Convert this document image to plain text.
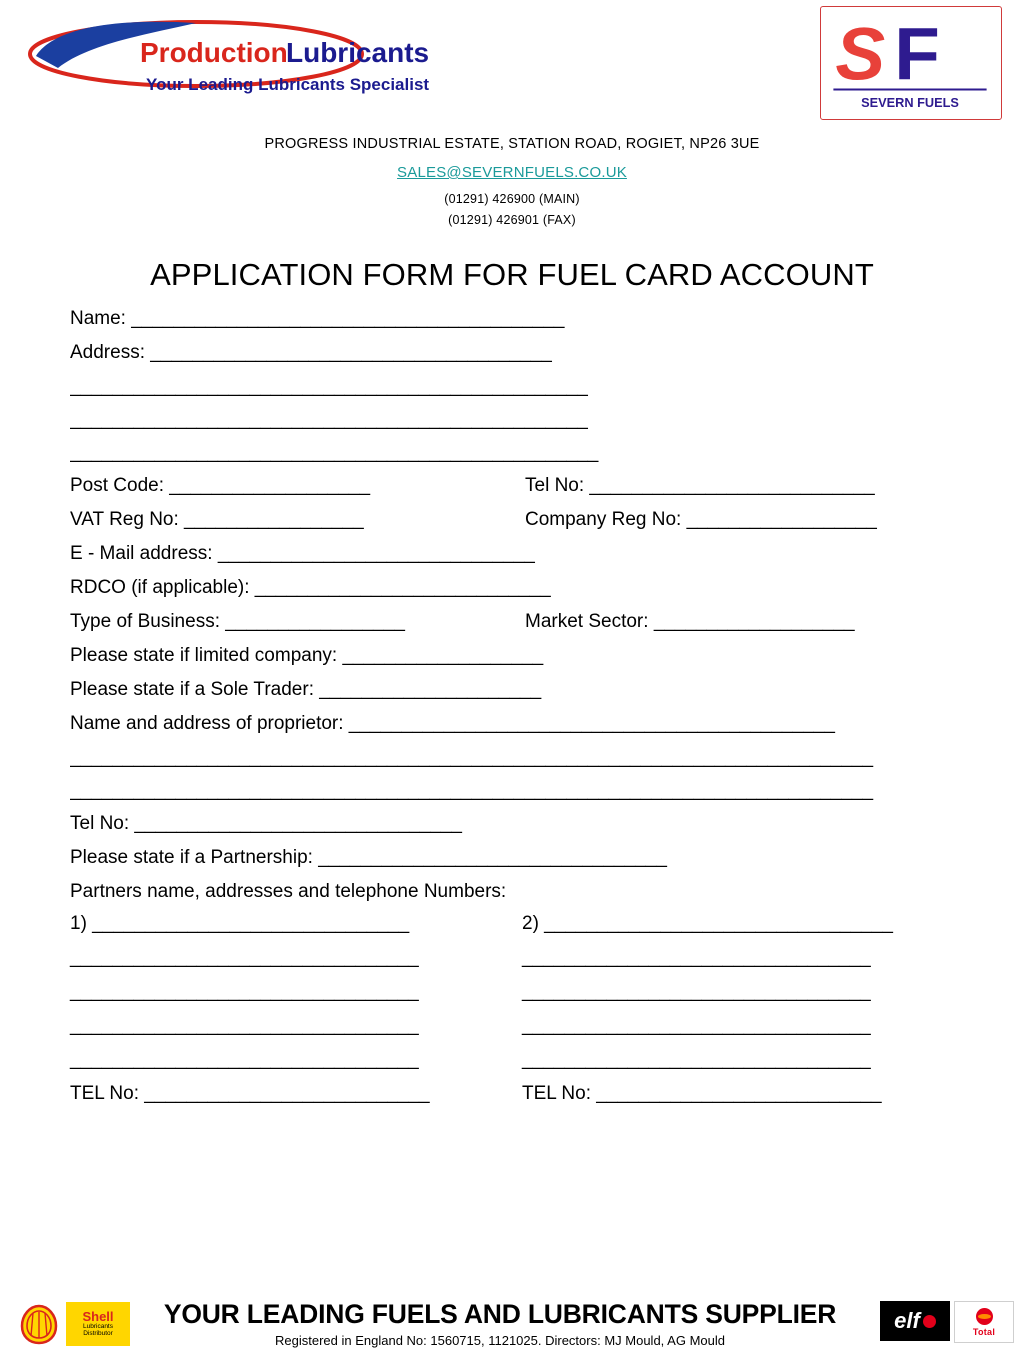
Production
Lubricants
Your Leading Lubricants Specialist	S F
SEVERN FUELS
PROGRESS INDUSTRIAL ESTATE, STATION ROAD, ROGIET, NP26 3UE
SALES@SEVERNFUELS.CO.UK
(01291) 426900 (MAIN)
(01291) 426901 (FAX)
APPLICATION FORM FOR FUEL CARD ACCOUNT
Name: _________________________________________
Address: ______________________________________
_________________________________________________
_________________________________________________
__________________________________________________
Post Code: ___________________	Tel No: ___________________________
VAT Reg No: _________________	Company Reg No: __________________
E - Mail address: ______________________________
RDCO (if applicable): ____________________________
Type of Business: _________________	Market Sector: ___________________
Please state if limited company: ___________________
Please state if a Sole Trader: _____________________
Name and address of proprietor: ______________________________________________
____________________________________________________________________________
____________________________________________________________________________
Tel No: _______________________________
Please state if a Partnership: _________________________________
Partners name, addresses and telephone Numbers:
1) ______________________________	2) _________________________________
_________________________________	_________________________________
_________________________________	_________________________________
_________________________________	_________________________________
_________________________________	_________________________________
TEL No: ___________________________	TEL No: ___________________________
Shell
Lubricants
Distributor
YOUR LEADING FUELS AND LUBRICANTS SUPPLIER
Registered in England No: 1560715, 1121025. Directors: MJ Mould, AG Mould
elf	Total
